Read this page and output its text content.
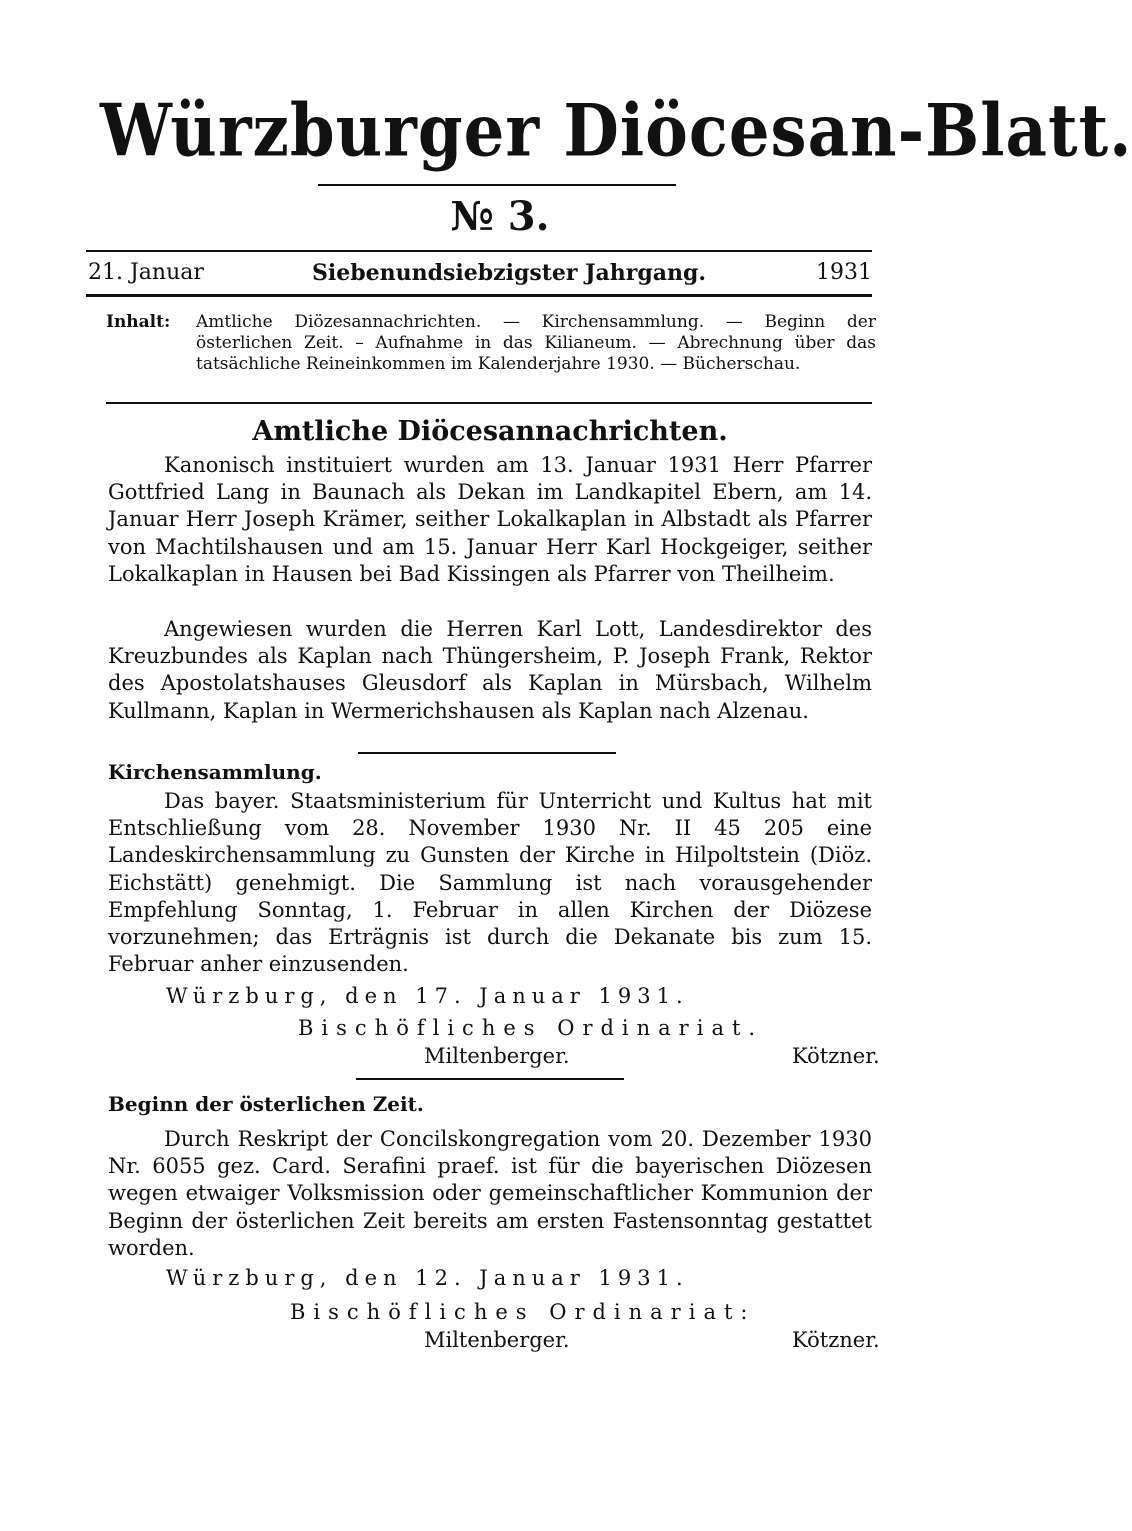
Würzburger Diöcesan-Blatt.
№ 3.
21. Januar	Siebenundsiebzigster Jahrgang.	1931
Inhalt: Amtliche Diözesannachrichten. — Kirchensammlung. — Beginn der österlichen Zeit. – Aufnahme in das Kilianeum. — Abrechnung über das tatsächliche Reineinkommen im Kalenderjahre 1930. — Bücherschau.
Amtliche Diöcesannachrichten.
Kanonisch instituiert wurden am 13. Januar 1931 Herr Pfarrer Gottfried Lang in Baunach als Dekan im Landkapitel Ebern, am 14. Januar Herr Joseph Krämer, seither Lokalkaplan in Albstadt als Pfarrer von Machtilshausen und am 15. Januar Herr Karl Hockgeiger, seither Lokalkaplan in Hausen bei Bad Kissingen als Pfarrer von Theilheim.
Angewiesen wurden die Herren Karl Lott, Landesdirektor des Kreuzbundes als Kaplan nach Thüngersheim, P. Joseph Frank, Rektor des Apostolatshauses Gleusdorf als Kaplan in Mürsbach, Wilhelm Kullmann, Kaplan in Wermerichshausen als Kaplan nach Alzenau.
Kirchensammlung.
Das bayer. Staatsministerium für Unterricht und Kultus hat mit Entschließung vom 28. November 1930 Nr. II 45 205 eine Landeskirchensammlung zu Gunsten der Kirche in Hilpoltstein (Diöz. Eichstätt) genehmigt. Die Sammlung ist nach vorausgehender Empfehlung Sonntag, 1. Februar in allen Kirchen der Diözese vorzunehmen; das Erträgnis ist durch die Dekanate bis zum 15. Februar anher einzusenden.
Würzburg, den 17. Januar 1931.
Bischöfliches Ordinariat.
Miltenberger.	Kötzner.
Beginn der österlichen Zeit.
Durch Reskript der Concilskongregation vom 20. Dezember 1930 Nr. 6055 gez. Card. Serafini praef. ist für die bayerischen Diözesen wegen etwaiger Volksmission oder gemeinschaftlicher Kommunion der Beginn der österlichen Zeit bereits am ersten Fastensonntag gestattet worden.
Würzburg, den 12. Januar 1931.
Bischöfliches Ordinariat:
Miltenberger.	Kötzner.
